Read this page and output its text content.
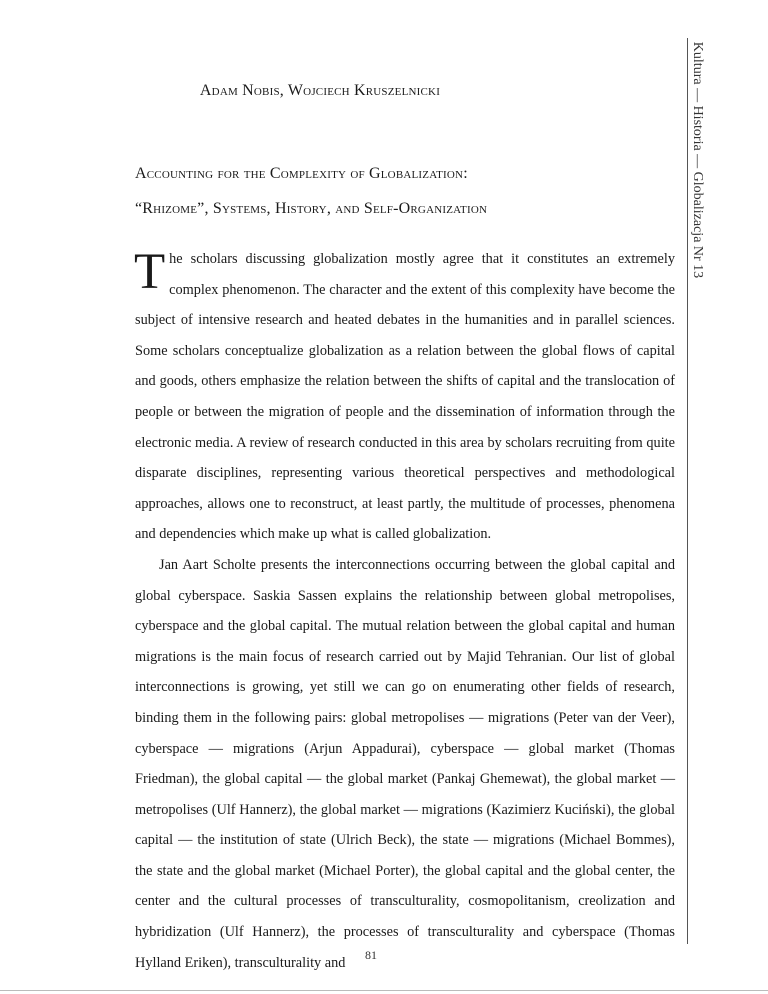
Kultura — Historia — Globalizacja Nr 13
Adam Nobis, Wojciech Kruszelnicki
Accounting for the Complexity of Globalization:
“Rhizome”, Systems, History, and Self-Organization

The scholars discussing globalization mostly agree that it constitutes an extremely complex phenomenon. The character and the extent of this complexity have become the subject of intensive research and heated debates in the humanities and in parallel sciences. Some scholars conceptualize globalization as a relation between the global flows of capital and goods, others emphasize the relation between the shifts of capital and the translocation of people or between the migration of people and the dissemination of information through the electronic media. A review of research conducted in this area by scholars recruiting from quite disparate disciplines, representing various theoretical perspectives and methodological approaches, allows one to reconstruct, at least partly, the multitude of processes, phenomena and dependencies which make up what is called globalization.

Jan Aart Scholte presents the interconnections occurring between the global capital and global cyberspace. Saskia Sassen explains the relationship between global metropolises, cyberspace and the global capital. The mutual relation between the global capital and human migrations is the main focus of research carried out by Majid Tehranian. Our list of global interconnections is growing, yet still we can go on enumerating other fields of research, binding them in the following pairs: global metropolises — migrations (Peter van der Veer), cyberspace — migrations (Arjun Appadurai), cyberspace — global market (Thomas Friedman), the global capital — the global market (Pankaj Ghemewat), the global market — metropolises (Ulf Hannerz), the global market — migrations (Kazimierz Kuciński), the global capital — the institution of state (Ulrich Beck), the state — migrations (Michael Bommes), the state and the global market (Michael Porter), the global capital and the global center, the center and the cultural processes of transculturality, cosmopolitanism, creolization and hybridization (Ulf Hannerz), the processes of transculturality and cyberspace (Thomas Hylland Eriken), transculturality and	81
